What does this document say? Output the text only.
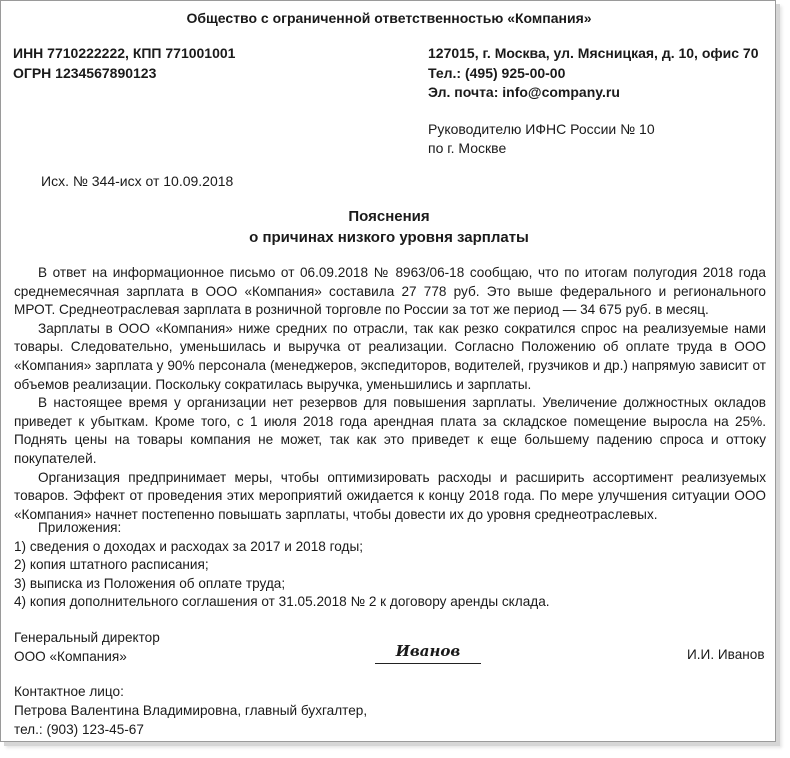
Общество с ограниченной ответственностью «Компания»
ИНН 7710222222, КПП 771001001
ОГРН 1234567890123
127015, г. Москва, ул. Мясницкая, д. 10, офис 70
Тел.: (495) 925-00-00
Эл. почта: info@company.ru
Руководителю ИФНС России № 10
по г. Москве
Исх. № 344-исх от 10.09.2018
Пояснения
о причинах низкого уровня зарплаты

В ответ на информационное письмо от 06.09.2018 № 8963/06-18 сообщаю, что по итогам полугодия 2018 года среднемесячная зарплата в ООО «Компания» составила 27 778 руб. Это выше федерального и регионального МРОТ. Среднеотраслевая зарплата в розничной торговле по России за тот же период — 34 675 руб. в месяц.

Зарплаты в ООО «Компания» ниже средних по отрасли, так как резко сократился спрос на реализуемые нами товары. Следовательно, уменьшилась и выручка от реализации. Согласно Положению об оплате труда в ООО «Компания» зарплата у 90% персонала (менеджеров, экспедиторов, водителей, грузчиков и др.) напрямую зависит от объемов реализации. Поскольку сократилась выручка, уменьшились и зарплаты.

В настоящее время у организации нет резервов для повышения зарплаты. Увеличение должностных окладов приведет к убыткам. Кроме того, с 1 июля 2018 года арендная плата за складское помещение выросла на 25%. Поднять цены на товары компания не может, так как это приведет к еще большему падению спроса и оттоку покупателей.

Организация предпринимает меры, чтобы оптимизировать расходы и расширить ассортимент реализуемых товаров. Эффект от проведения этих мероприятий ожидается к концу 2018 года. По мере улучшения ситуации ООО «Компания» начнет постепенно повышать зарплаты, чтобы довести их до уровня среднеотраслевых.

Приложения:
1) сведения о доходах и расходах за 2017 и 2018 годы;
2) копия штатного расписания;
3) выписка из Положения об оплате труда;
4) копия дополнительного соглашения от 31.05.2018 № 2 к договору аренды склада.
Генеральный директор
ООО «Компания»	Иванов	И.И. Иванов
Контактное лицо:
Петрова Валентина Владимировна, главный бухгалтер,
тел.: (903) 123-45-67
